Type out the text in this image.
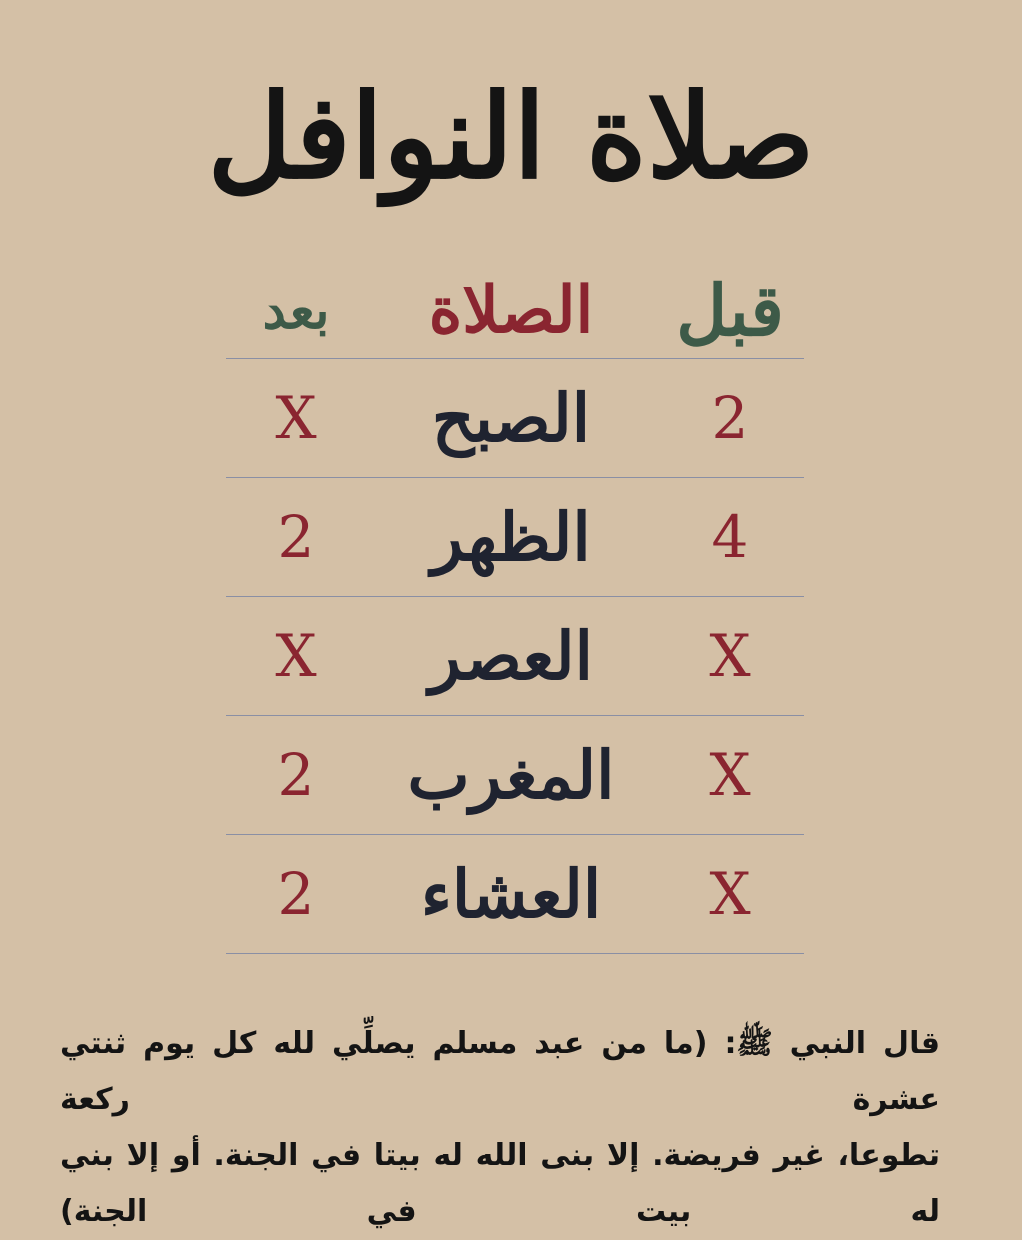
صلاة النوافل
قبل
الصلاة
بعد
2
الصبح
X
4
الظهر
2
X
العصر
X
X
المغرب
2
X
العشاء
2
قال النبي ﷺ: (ما من عبد مسلم يصلِّي لله كل يوم ثنتي عشرة ركعة
تطوعا، غير فريضة. إلا بنى الله له بيتا في الجنة. أو إلا بني له بيت في الجنة)
